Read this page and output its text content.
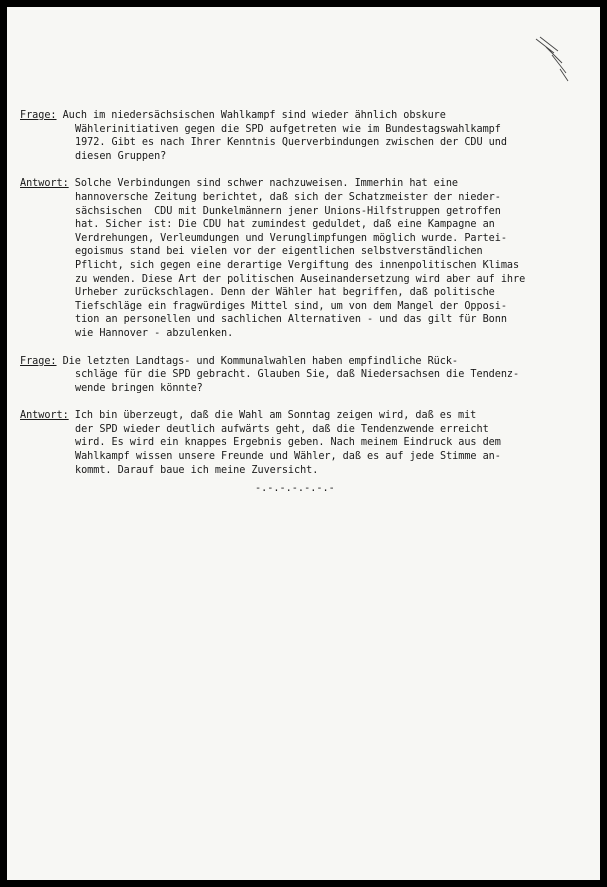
Frage: Auch im niedersächsischen Wahlkampf sind wieder ähnlich obskure
Wählerinitiativen gegen die SPD aufgetreten wie im Bundestagswahlkampf
1972. Gibt es nach Ihrer Kenntnis Querverbindungen zwischen der CDU und
diesen Gruppen?
Antwort: Solche Verbindungen sind schwer nachzuweisen. Immerhin hat eine
hannoversche Zeitung berichtet, daß sich der Schatzmeister der nieder-
sächsischen  CDU mit Dunkelmännern jener Unions-Hilfstruppen getroffen
hat. Sicher ist: Die CDU hat zumindest geduldet, daß eine Kampagne an
Verdrehungen, Verleumdungen und Verunglimpfungen möglich wurde. Partei-
egoismus stand bei vielen vor der eigentlichen selbstverständlichen
Pflicht, sich gegen eine derartige Vergiftung des innenpolitischen Klimas
zu wenden. Diese Art der politischen Auseinandersetzung wird aber auf ihre
Urheber zurückschlagen. Denn der Wähler hat begriffen, daß politische
Tiefschläge ein fragwürdiges Mittel sind, um von dem Mangel der Opposi-
tion an personellen und sachlichen Alternativen - und das gilt für Bonn
wie Hannover - abzulenken.
Frage: Die letzten Landtags- und Kommunalwahlen haben empfindliche Rück-
schläge für die SPD gebracht. Glauben Sie, daß Niedersachsen die Tendenz-
wende bringen könnte?
Antwort: Ich bin überzeugt, daß die Wahl am Sonntag zeigen wird, daß es mit
der SPD wieder deutlich aufwärts geht, daß die Tendenzwende erreicht
wird. Es wird ein knappes Ergebnis geben. Nach meinem Eindruck aus dem
Wahlkampf wissen unsere Freunde und Wähler, daß es auf jede Stimme an-
kommt. Darauf baue ich meine Zuversicht.
-.-.-.-.-.-.-
